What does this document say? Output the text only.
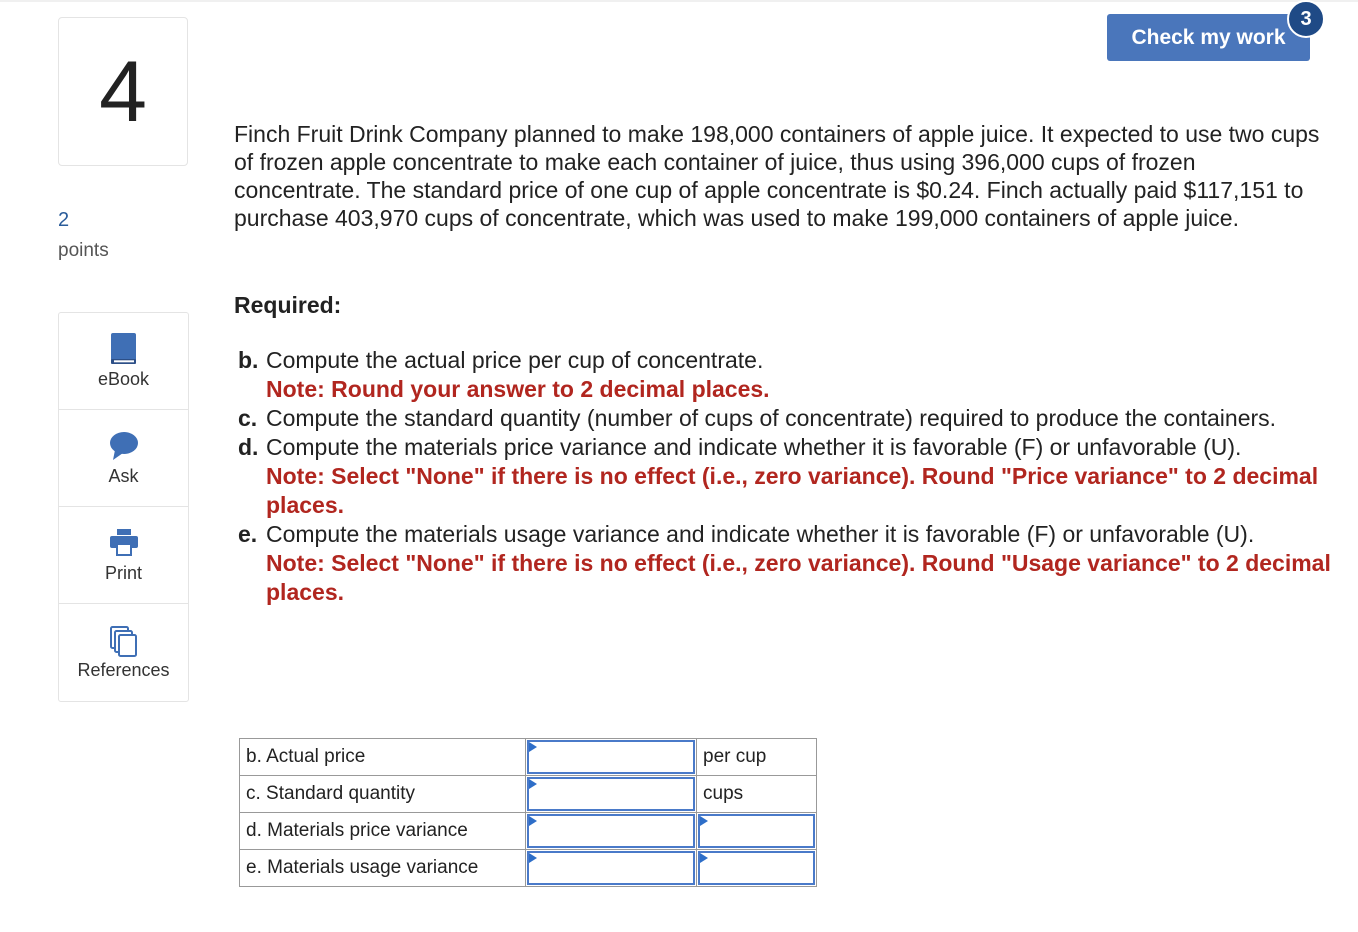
4
2
points
eBook
Ask
Print
References
Check my work
3
Finch Fruit Drink Company planned to make 198,000 containers of apple juice. It expected to use two cups of frozen apple concentrate to make each container of juice, thus using 396,000 cups of frozen concentrate. The standard price of one cup of apple concentrate is $0.24. Finch actually paid $117,151 to purchase 403,970 cups of concentrate, which was used to make 199,000 containers of apple juice.
Required:
b. Compute the actual price per cup of concentrate.
Note: Round your answer to 2 decimal places.
c. Compute the standard quantity (number of cups of concentrate) required to produce the containers.
d. Compute the materials price variance and indicate whether it is favorable (F) or unfavorable (U).
Note: Select "None" if there is no effect (i.e., zero variance). Round "Price variance" to 2 decimal places.
e. Compute the materials usage variance and indicate whether it is favorable (F) or unfavorable (U).
Note: Select "None" if there is no effect (i.e., zero variance). Round "Usage variance" to 2 decimal places.
b. Actual price		per cup
c. Standard quantity		cups
d. Materials price variance	

e. Materials usage variance	
